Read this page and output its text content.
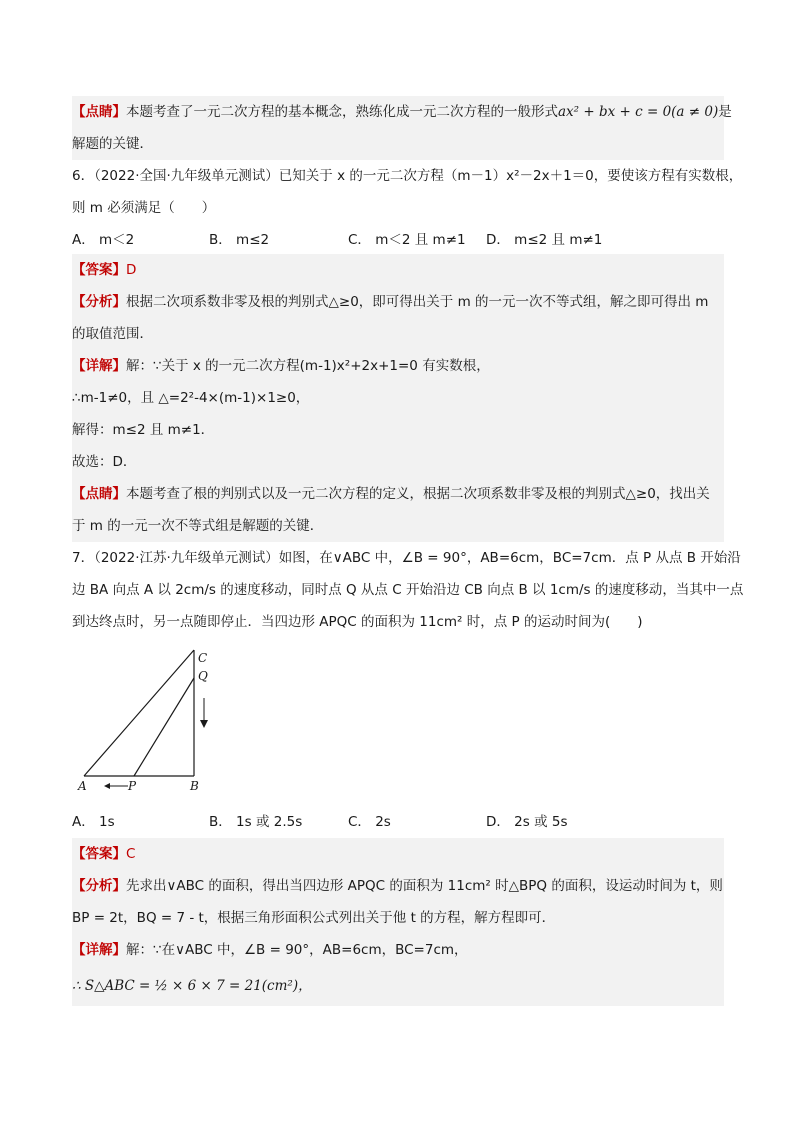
【点睛】本题考查了一元二次方程的基本概念，熟练化成一元二次方程的一般形式ax² + bx + c = 0(a ≠ 0)是
解题的关键．
6．（2022·全国·九年级单元测试）已知关于 x 的一元二次方程（m－1）x²－2x＋1＝0，要使该方程有实数根，
则 m 必须满足（　　）
A． m＜2	B． m≤2	C． m＜2 且 m≠1 D． m≤2 且 m≠1
【答案】D
【分析】根据二次项系数非零及根的判别式△≥0，即可得出关于 m 的一元一次不等式组，解之即可得出 m
的取值范围．
【详解】解：∵关于 x 的一元二次方程(m-1)x²+2x+1=0 有实数根，
∴m-1≠0，且 △=2²-4×(m-1)×1≥0，
解得：m≤2 且 m≠1．
故选：D．
【点睛】本题考查了根的判别式以及一元二次方程的定义，根据二次项系数非零及根的判别式△≥0，找出关
于 m 的一元一次不等式组是解题的关键．
7．（2022·江苏·九年级单元测试）如图，在∨ABC 中，∠B = 90°，AB=6cm，BC=7cm．点 P 从点 B 开始沿
边 BA 向点 A 以 2cm/s 的速度移动，同时点 Q 从点 C 开始沿边 CB 向点 B 以 1cm/s 的速度移动，当其中一点
到达终点时，另一点随即停止．当四边形 APQC 的面积为 11cm² 时，点 P 的运动时间为(　　)
A	P	B
C
Q
A． 1s	B． 1s 或 2.5s	C． 2s	D． 2s 或 5s
【答案】C
【分析】先求出∨ABC 的面积，得出当四边形 APQC 的面积为 11cm² 时△BPQ 的面积，设运动时间为 t，则
BP = 2t，BQ = 7 - t，根据三角形面积公式列出关于他 t 的方程，解方程即可．
【详解】解：∵在∨ABC 中，∠B = 90°，AB=6cm，BC=7cm，
∴ S△ABC = ½ × 6 × 7 = 21(cm²)，
